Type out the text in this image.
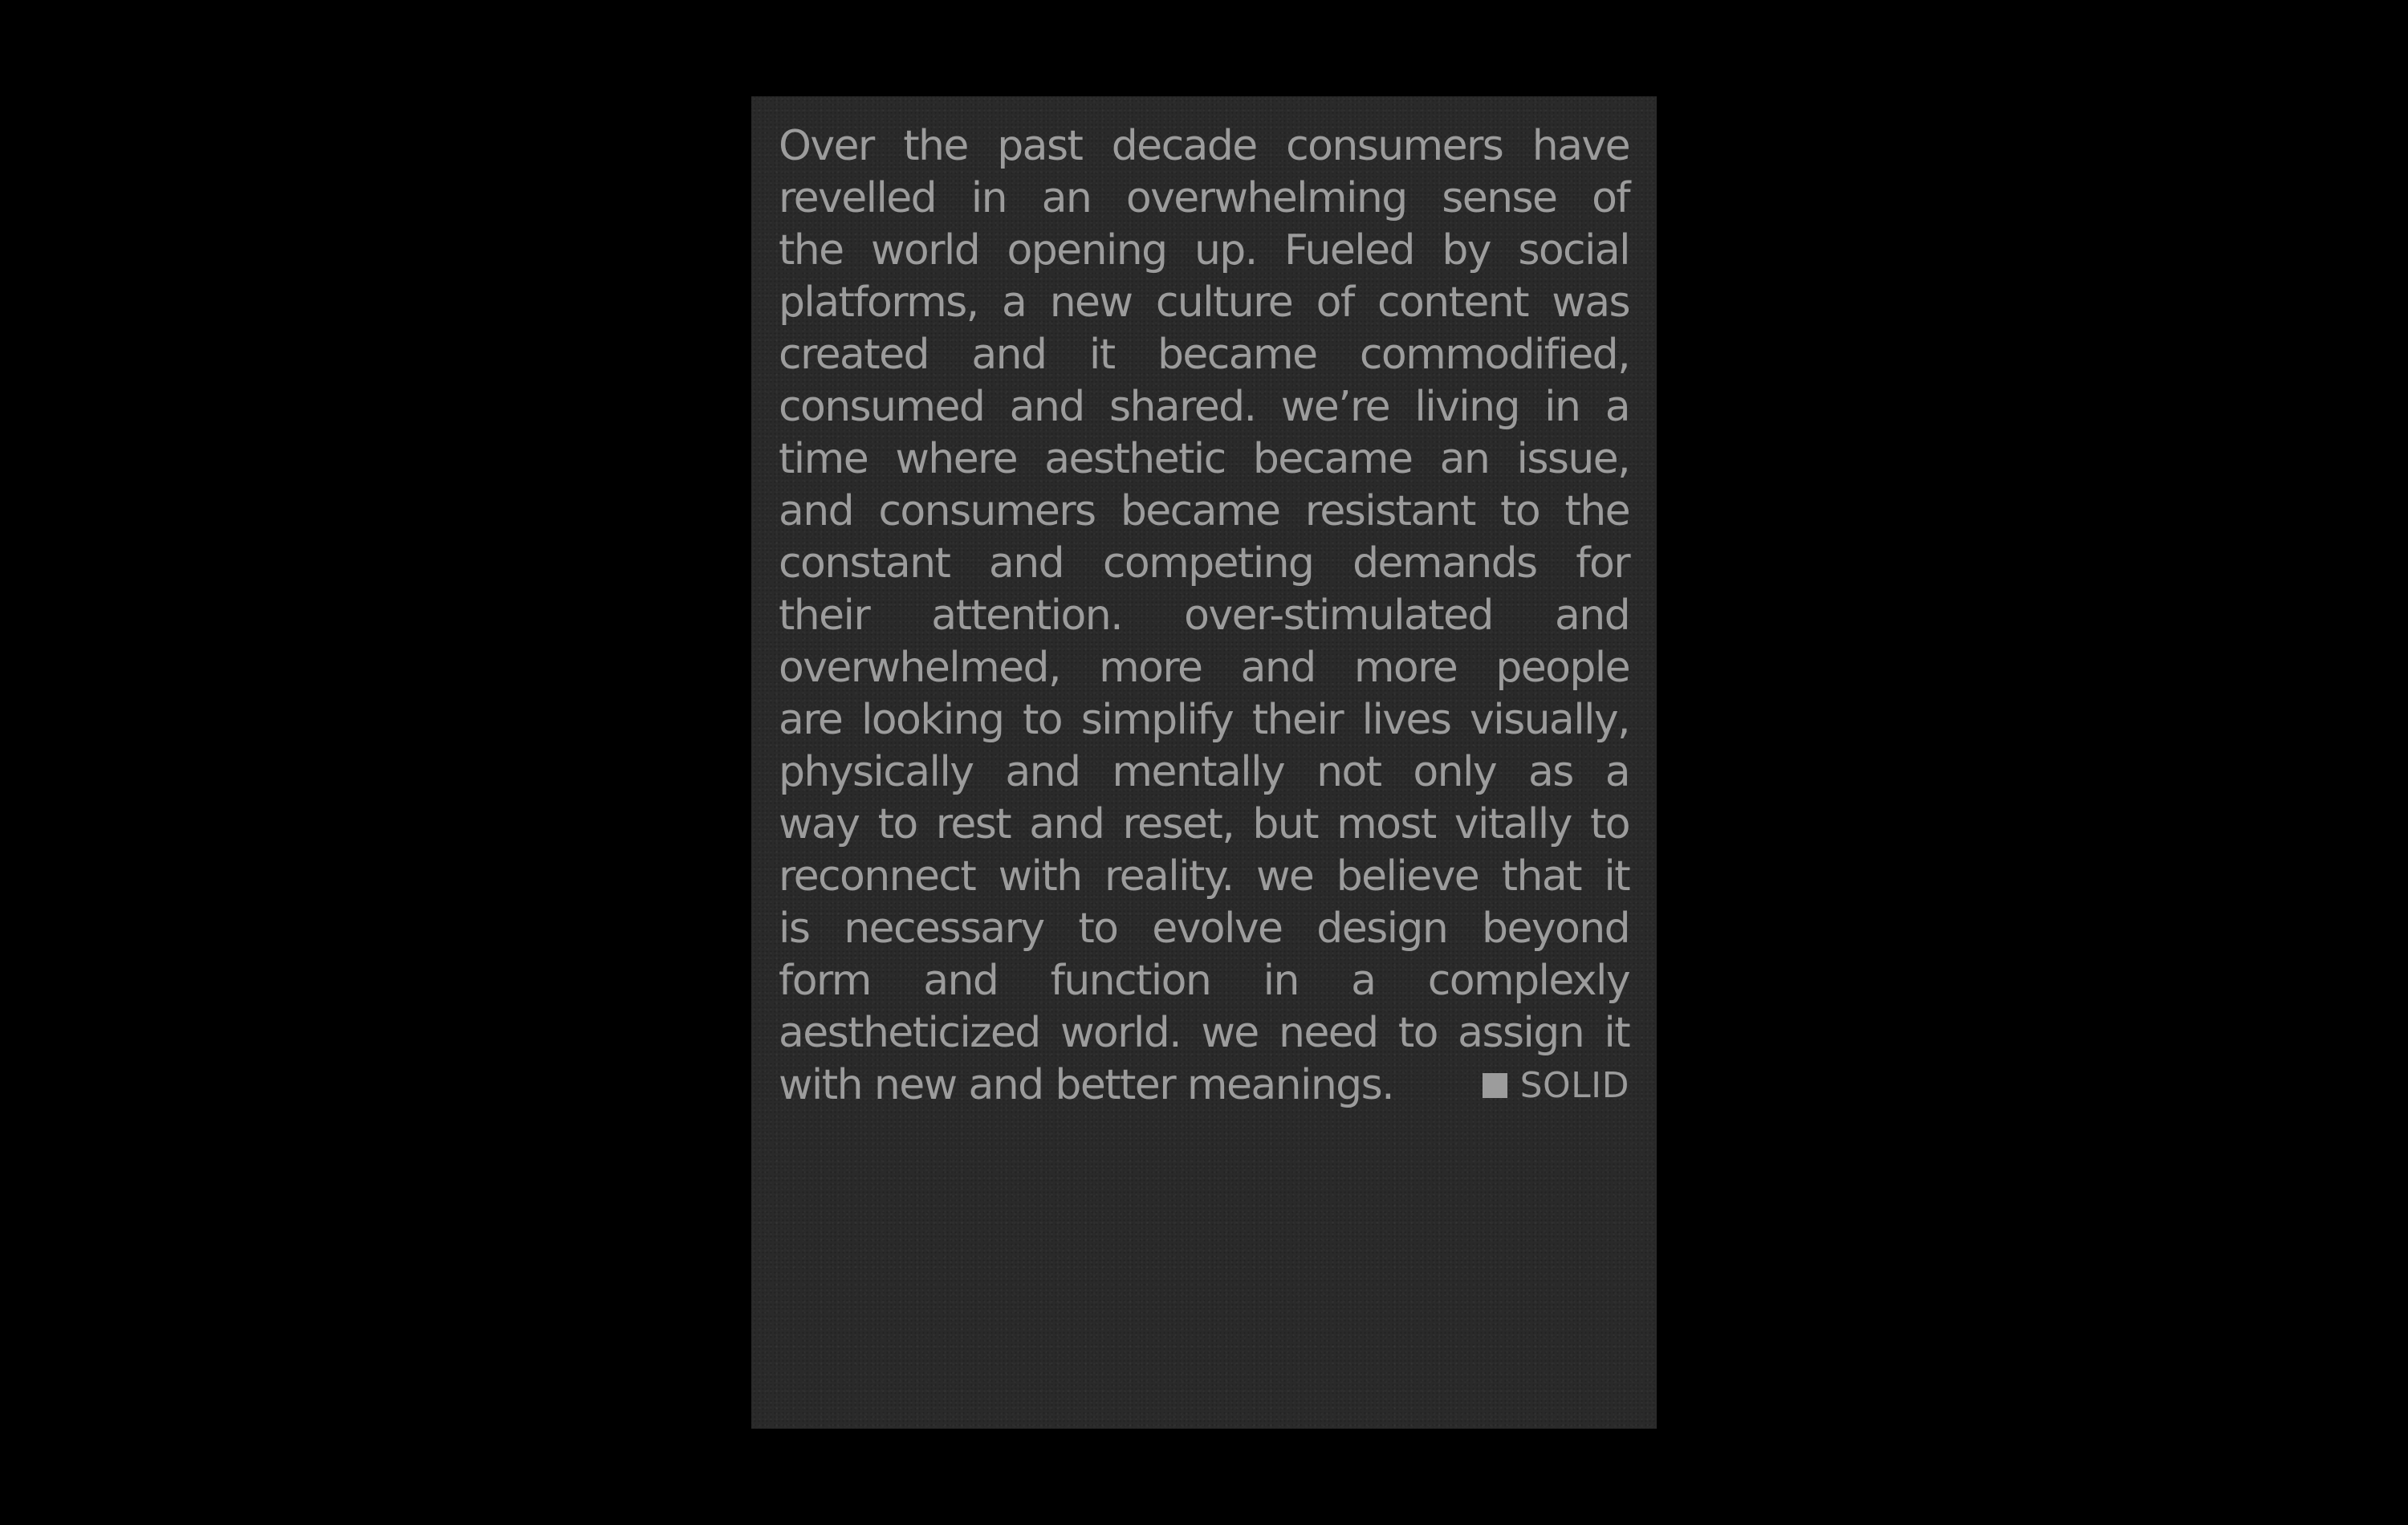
Over the past decade consumers have
revelled in an overwhelming sense of
the world opening up. Fueled by social
platforms, a new culture of content was
created and it became commodified,
consumed and shared. we’re living in a
time where aesthetic became an issue,
and consumers became resistant to the
constant and competing demands for
their attention. over-stimulated and
overwhelmed, more and more people
are looking to simplify their lives visually,
physically and mentally not only as a
way to rest and reset, but most vitally to
reconnect with reality. we believe that it
is necessary to evolve design beyond
form and function in a complexly
aestheticized world. we need to assign it
with new and better meanings.	SOLID
